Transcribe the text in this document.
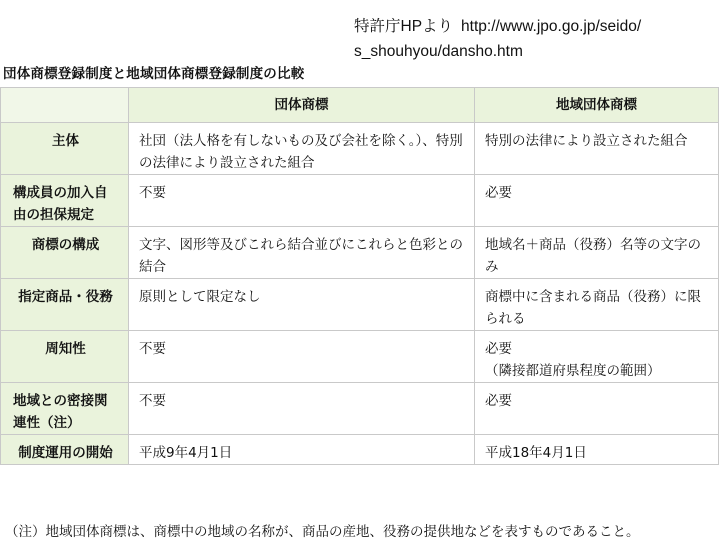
特許庁HPより http://www.jpo.go.jp/seido/
s_shouhyou/dansho.htm
団体商標登録制度と地域団体商標登録制度の比較
	団体商標	地域団体商標
主体	社団（法人格を有しないもの及び会社を除く。）、特別の法律により設立された組合	特別の法律により設立された組合
構成員の加入自由の担保規定	不要	必要
商標の構成	文字、図形等及びこれら結合並びにこれらと色彩との結合	地域名＋商品（役務）名等の文字のみ
指定商品・役務	原則として限定なし	商標中に含まれる商品（役務）に限られる
周知性	不要	必要
（隣接都道府県程度の範囲）
地域との密接関連性（注）	不要	必要
制度運用の開始	平成9年4月1日	平成18年4月1日
（注）地域団体商標は、商標中の地域の名称が、商品の産地、役務の提供地などを表すものであること。
